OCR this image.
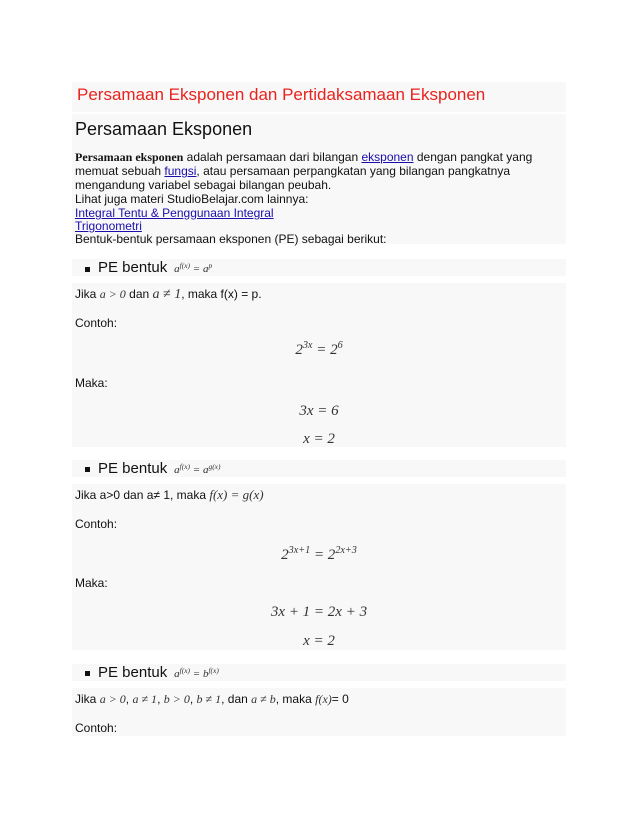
Persamaan Eksponen dan Pertidaksamaan Eksponen
Persamaan Eksponen
Persamaan eksponen adalah persamaan dari bilangan eksponen dengan pangkat yang
memuat sebuah fungsi, atau persamaan perpangkatan yang bilangan pangkatnya
mengandung variabel sebagai bilangan peubah.
Lihat juga materi StudioBelajar.com lainnya:
Integral Tentu & Penggunaan Integral
Trigonometri
Bentuk-bentuk persamaan eksponen (PE) sebagai berikut:
PE bentuk  $a^{f(x)} = a^p$
Jika a > 0 dan a ≠ 1, maka f(x) = p.
Contoh:
$2^{3x} = 2^6$
Maka:
3x = 6
x = 2
PE bentuk  $a^{f(x)} = a^{g(x)}$
Jika a>0 dan a≠ 1, maka f(x) = g(x)
Contoh:
$2^{3x+1} = 2^{2x+3}$
Maka:
3x + 1 = 2x + 3
x = 2
PE bentuk  $a^{f(x)} = b^{f(x)}$
Jika a > 0, a ≠ 1, b > 0, b ≠ 1, dan a ≠ b, maka f(x)= 0
Contoh:
